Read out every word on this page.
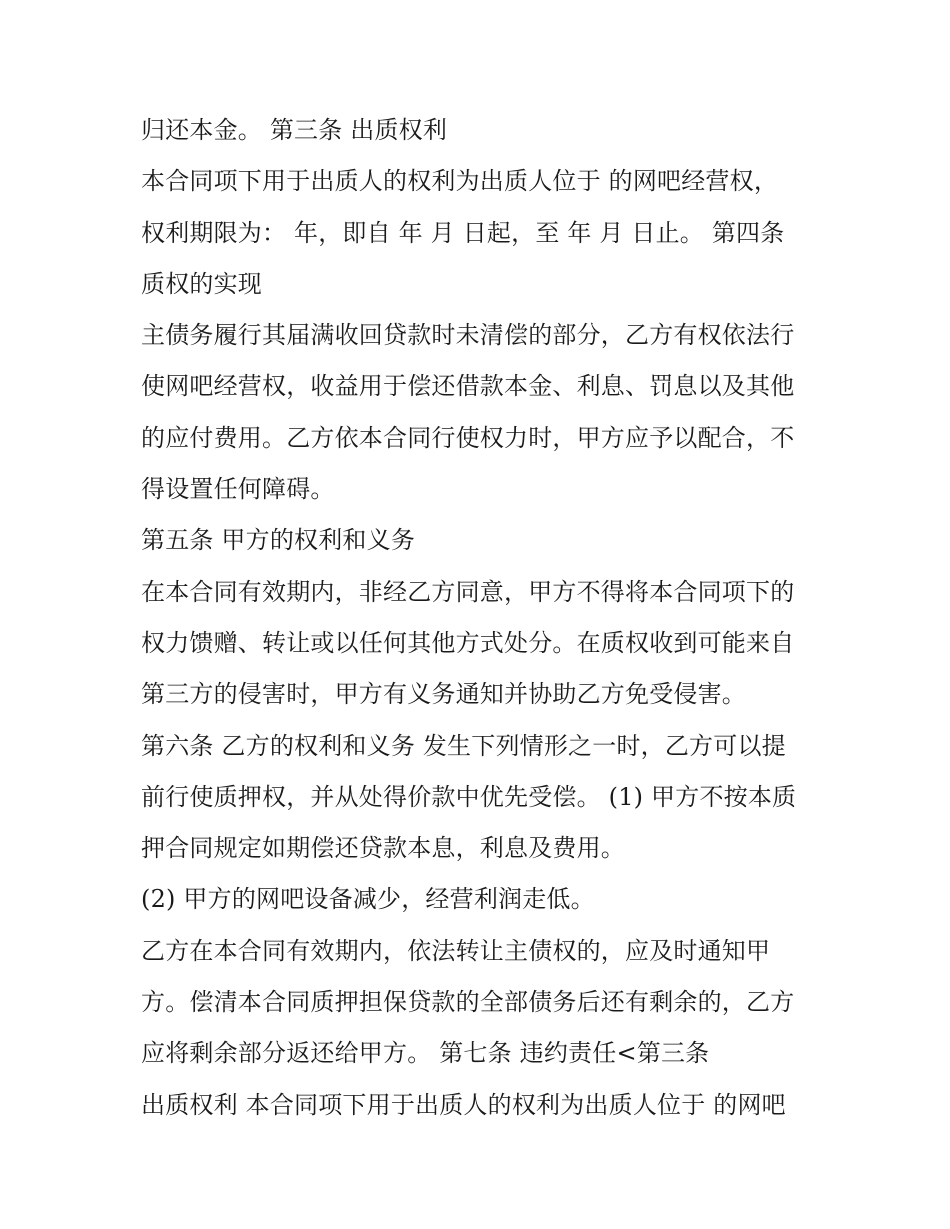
归还本金。 第三条 出质权利
本合同项下用于出质人的权利为出质人位于 的网吧经营权，
权利期限为： 年，即自 年 月 日起，至 年 月 日止。 第四条
质权的实现
主债务履行其届满收回贷款时未清偿的部分，乙方有权依法行
使网吧经营权，收益用于偿还借款本金、利息、罚息以及其他
的应付费用。乙方依本合同行使权力时，甲方应予以配合，不
得设置任何障碍。
第五条 甲方的权利和义务
在本合同有效期内，非经乙方同意，甲方不得将本合同项下的
权力馈赠、转让或以任何其他方式处分。在质权收到可能来自
第三方的侵害时，甲方有义务通知并协助乙方免受侵害。
第六条 乙方的权利和义务 发生下列情形之一时，乙方可以提
前行使质押权，并从处得价款中优先受偿。 (1) 甲方不按本质
押合同规定如期偿还贷款本息，利息及费用。
(2) 甲方的网吧设备减少，经营利润走低。
乙方在本合同有效期内，依法转让主债权的，应及时通知甲
方。偿清本合同质押担保贷款的全部债务后还有剩余的，乙方
应将剩余部分返还给甲方。 第七条 违约责任<第三条
出质权利 本合同项下用于出质人的权利为出质人位于 的网吧
